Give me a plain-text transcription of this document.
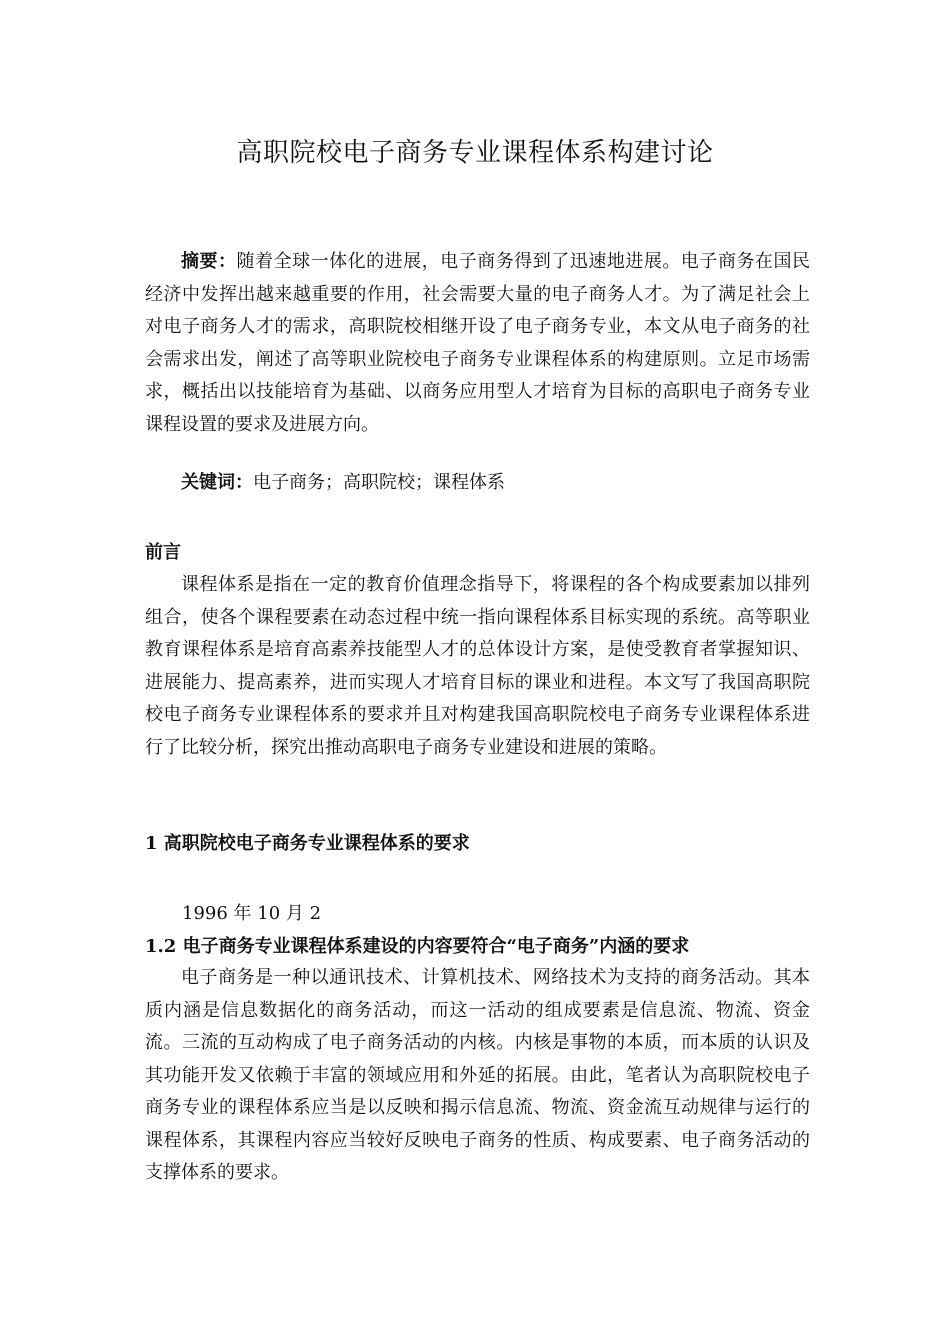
高职院校电子商务专业课程体系构建讨论

摘要：随着全球一体化的进展，电子商务得到了迅速地进展。电子商务在国民经济中发挥出越来越重要的作用，社会需要大量的电子商务人才。为了满足社会上对电子商务人才的需求，高职院校相继开设了电子商务专业，本文从电子商务的社会需求出发，阐述了高等职业院校电子商务专业课程体系的构建原则。立足市场需求，概括出以技能培育为基础、以商务应用型人才培育为目标的高职电子商务专业课程设置的要求及进展方向。

关键词：电子商务；高职院校；课程体系

前言

课程体系是指在一定的教育价值理念指导下，将课程的各个构成要素加以排列组合，使各个课程要素在动态过程中统一指向课程体系目标实现的系统。高等职业教育课程体系是培育高素养技能型人才的总体设计方案，是使受教育者掌握知识、进展能力、提高素养，进而实现人才培育目标的课业和进程。本文写了我国高职院校电子商务专业课程体系的要求并且对构建我国高职院校电子商务专业课程体系进行了比较分析，探究出推动高职电子商务专业建设和进展的策略。

1 高职院校电子商务专业课程体系的要求

1996 年 10 月 2

1.2 电子商务专业课程体系建设的内容要符合“电子商务”内涵的要求

电子商务是一种以通讯技术、计算机技术、网络技术为支持的商务活动。其本质内涵是信息数据化的商务活动，而这一活动的组成要素是信息流、物流、资金流。三流的互动构成了电子商务活动的内核。内核是事物的本质，而本质的认识及其功能开发又依赖于丰富的领域应用和外延的拓展。由此，笔者认为高职院校电子商务专业的课程体系应当是以反映和揭示信息流、物流、资金流互动规律与运行的课程体系，其课程内容应当较好反映电子商务的性质、构成要素、电子商务活动的支撑体系的要求。
